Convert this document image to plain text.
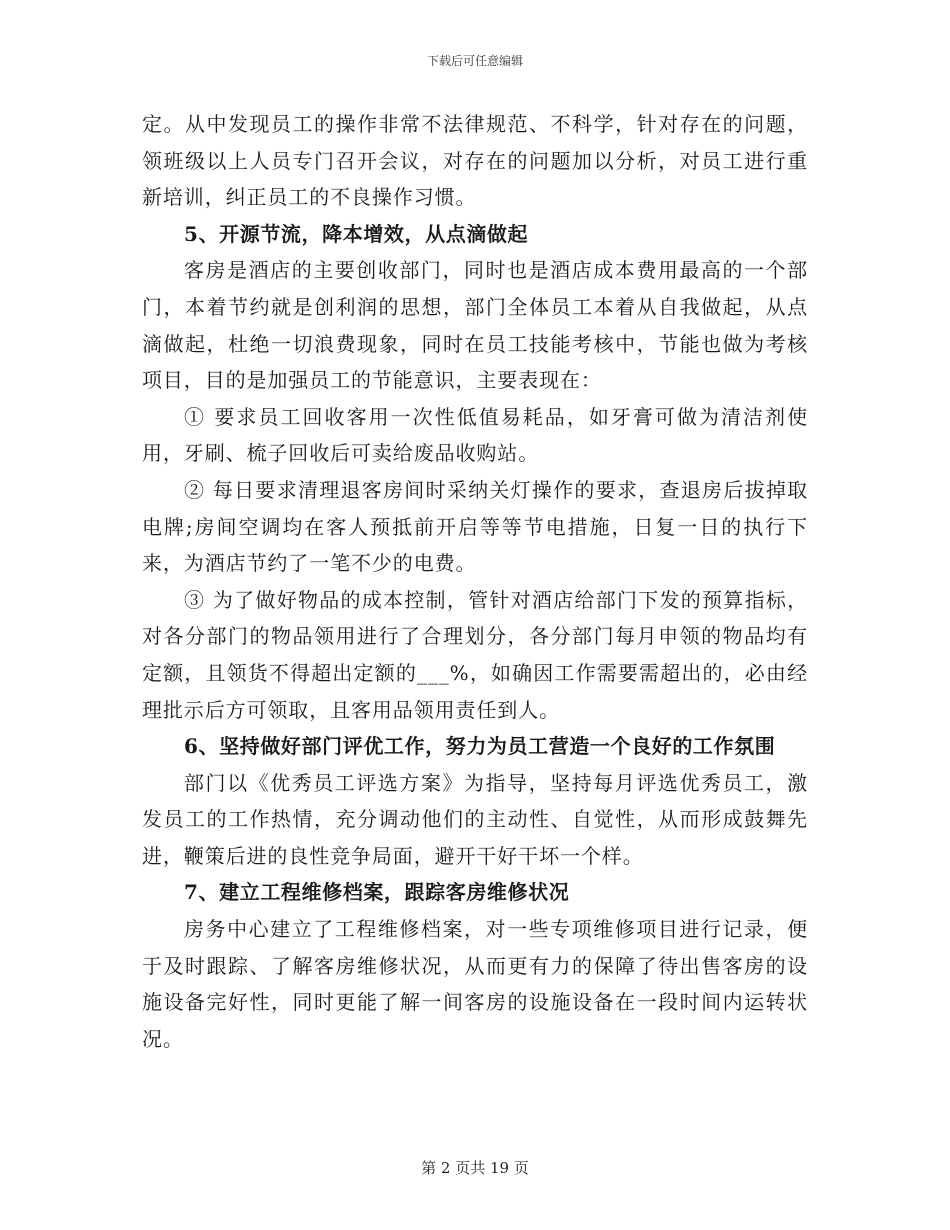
下载后可任意编辑

定。从中发现员工的操作非常不法律规范、不科学，针对存在的问题，领班级以上人员专门召开会议，对存在的问题加以分析，对员工进行重新培训，纠正员工的不良操作习惯。

5、开源节流，降本增效，从点滴做起

客房是酒店的主要创收部门，同时也是酒店成本费用最高的一个部门，本着节约就是创利润的思想，部门全体员工本着从自我做起，从点滴做起，杜绝一切浪费现象，同时在员工技能考核中，节能也做为考核项目，目的是加强员工的节能意识，主要表现在：

① 要求员工回收客用一次性低值易耗品，如牙膏可做为清洁剂使用，牙刷、梳子回收后可卖给废品收购站。

② 每日要求清理退客房间时采纳关灯操作的要求，查退房后拔掉取电牌;房间空调均在客人预抵前开启等等节电措施，日复一日的执行下来，为酒店节约了一笔不少的电费。

③ 为了做好物品的成本控制，管针对酒店给部门下发的预算指标，对各分部门的物品领用进行了合理划分，各分部门每月申领的物品均有定额，且领货不得超出定额的___%，如确因工作需要需超出的，必由经理批示后方可领取，且客用品领用责任到人。

6、坚持做好部门评优工作，努力为员工营造一个良好的工作氛围

部门以《优秀员工评选方案》为指导，坚持每月评选优秀员工，激发员工的工作热情，充分调动他们的主动性、自觉性，从而形成鼓舞先进，鞭策后进的良性竞争局面，避开干好干坏一个样。

7、建立工程维修档案，跟踪客房维修状况

房务中心建立了工程维修档案，对一些专项维修项目进行记录，便于及时跟踪、了解客房维修状况，从而更有力的保障了待出售客房的设施设备完好性，同时更能了解一间客房的设施设备在一段时间内运转状况。

第 2 页共 19 页
